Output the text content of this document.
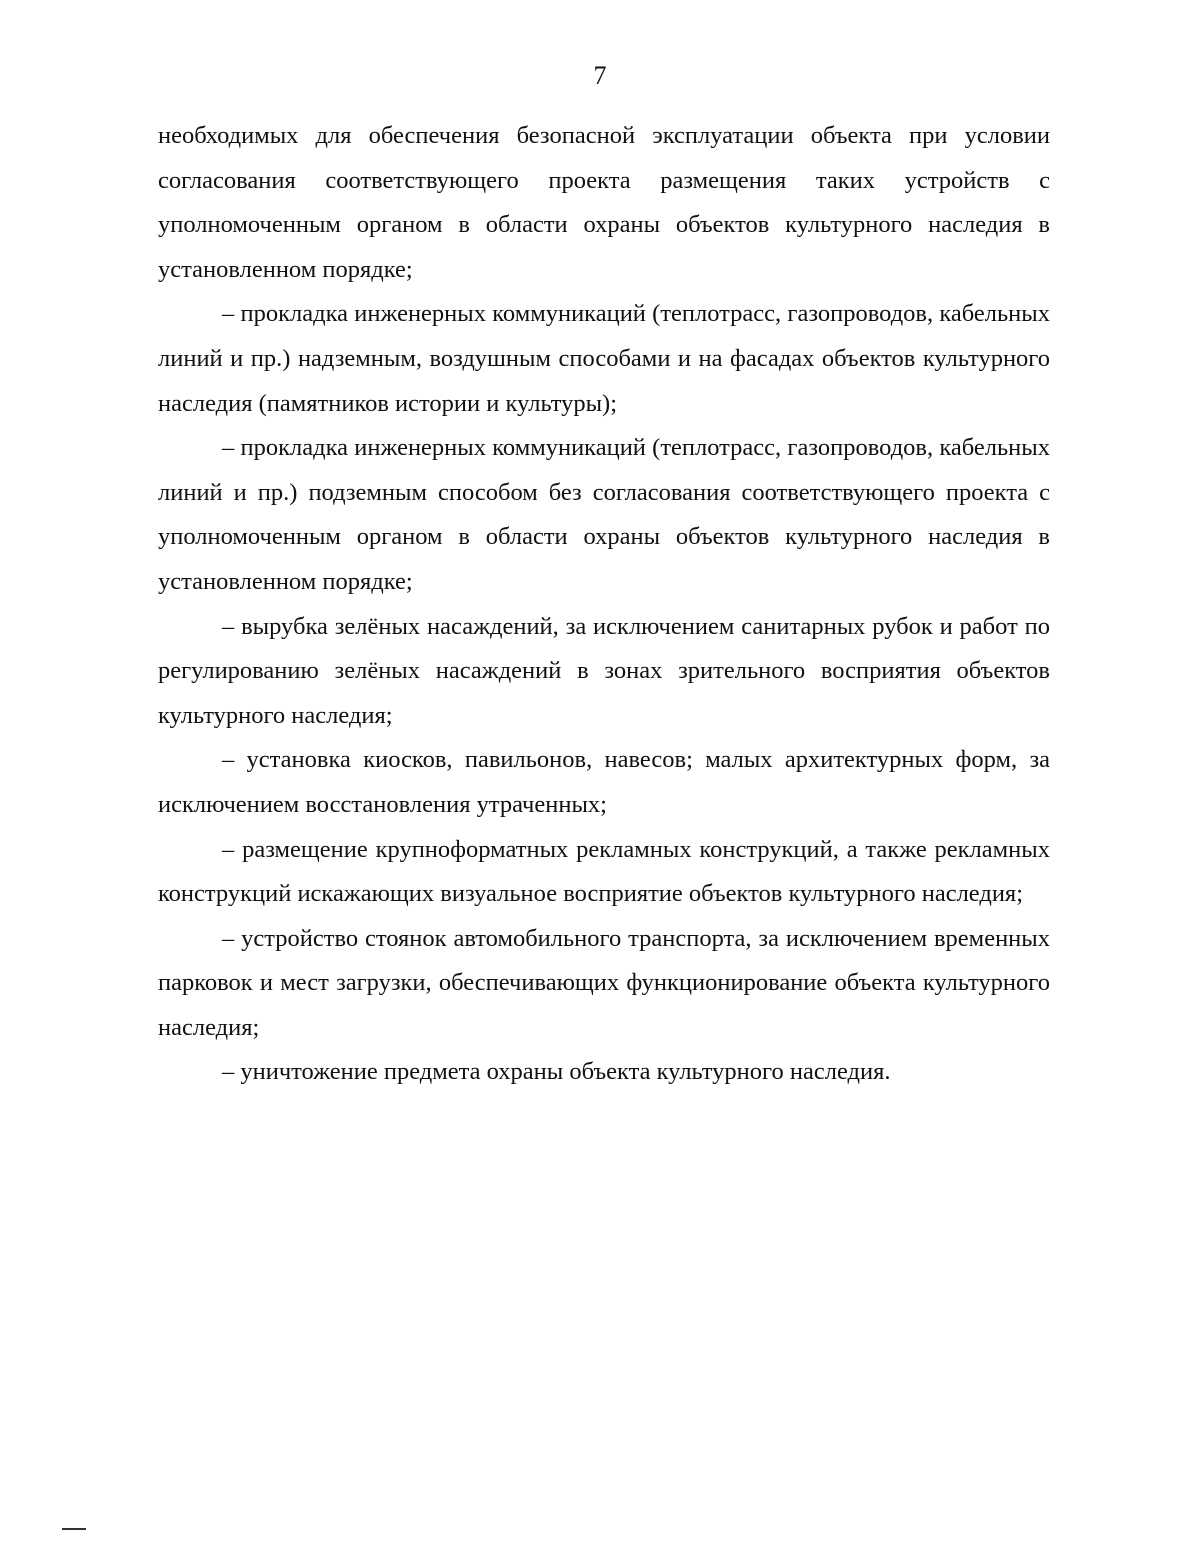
7

необходимых для обеспечения безопасной эксплуатации объекта при условии согласования соответствующего проекта размещения таких устройств с уполномоченным органом в области охраны объектов культурного наследия в установленном порядке;

– прокладка инженерных коммуникаций (теплотрасс, газопроводов, кабельных линий и пр.) надземным, воздушным способами и на фасадах объектов культурного наследия (памятников истории и культуры);

– прокладка инженерных коммуникаций (теплотрасс, газопроводов, кабельных линий и пр.) подземным способом без согласования соответствующего проекта с уполномоченным органом в области охраны объектов культурного наследия в установленном порядке;

– вырубка зелёных насаждений, за исключением санитарных рубок и работ по регулированию зелёных насаждений в зонах зрительного восприятия объектов культурного наследия;

– установка киосков, павильонов, навесов; малых архитектурных форм, за исключением восстановления утраченных;

– размещение крупноформатных рекламных конструкций, а также рекламных конструкций искажающих визуальное восприятие объектов культурного наследия;

– устройство стоянок автомобильного транспорта, за исключением временных парковок и мест загрузки, обеспечивающих функционирование объекта культурного наследия;

– уничтожение предмета охраны объекта культурного наследия.
